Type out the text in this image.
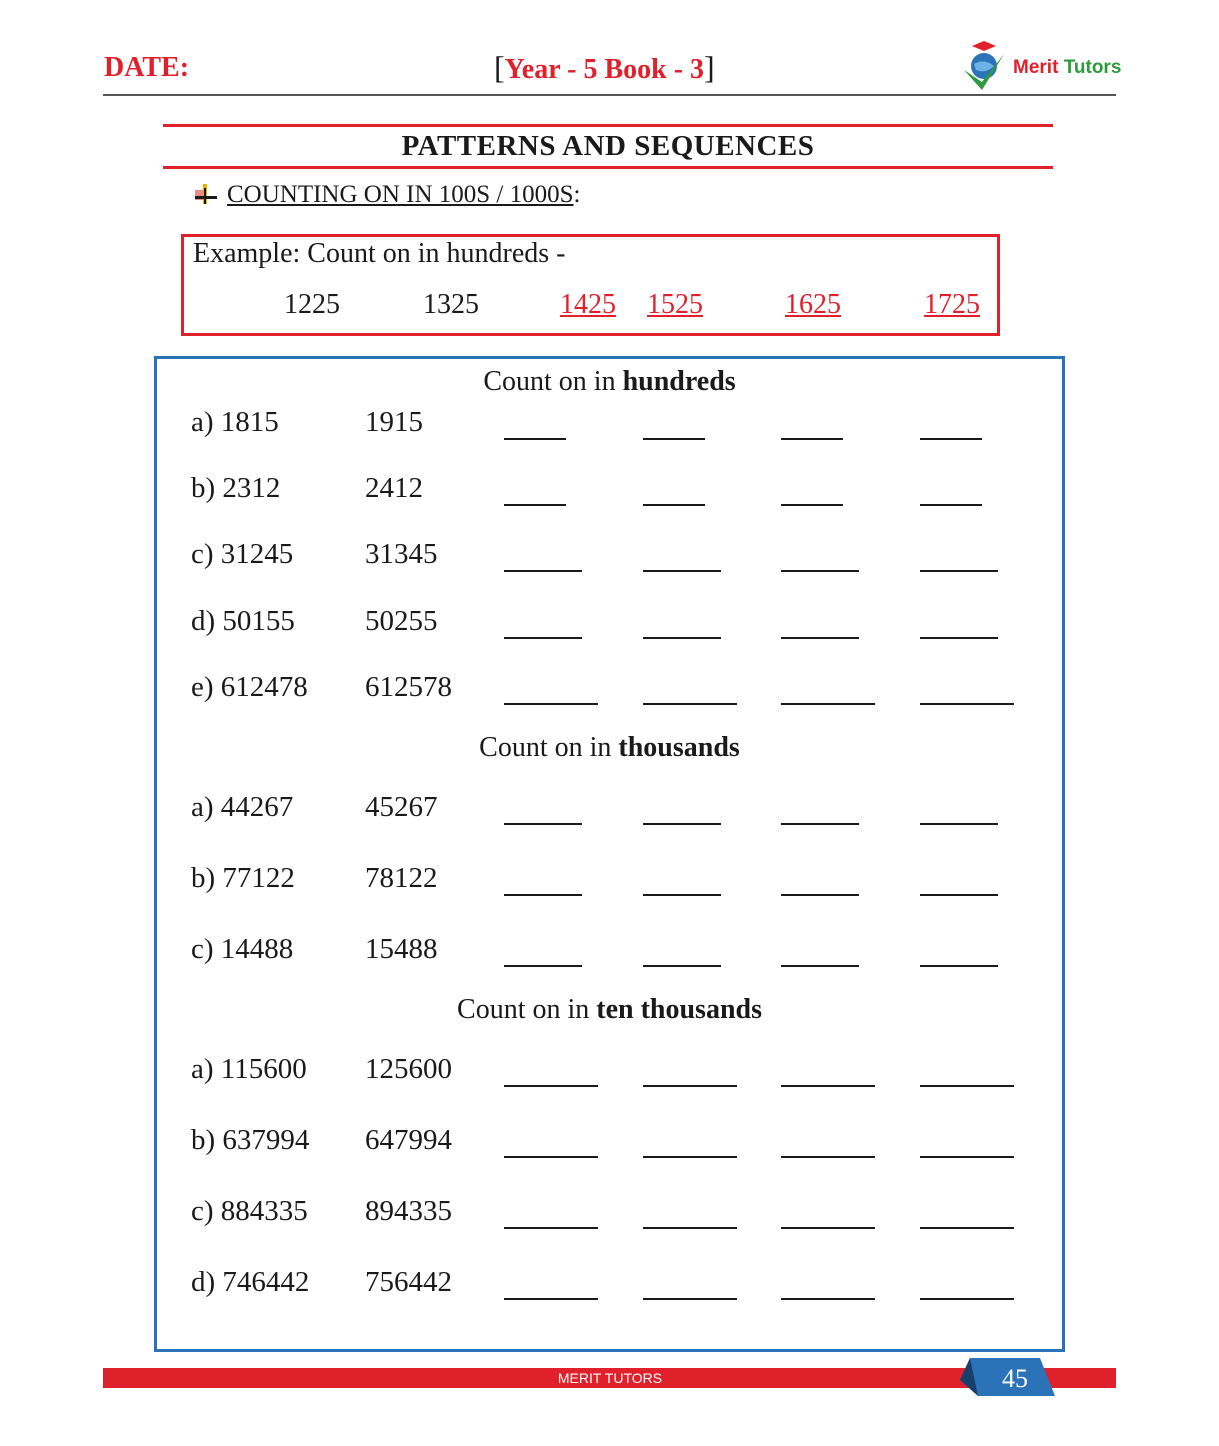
DATE:	[Year - 5 Book - 3]	Merit Tutors
PATTERNS AND SEQUENCES
COUNTING ON IN 100S / 1000S:
Example: Count on in hundreds -
1225	1325	1425 1525	1625	1725
Count on in hundreds
Count on in thousands
Count on in ten thousands
a) 1815	1915
b) 2312	2412
c) 31245 31345
d) 50155 50255
e) 612478 612578
a) 44267 45267
b) 77122 78122
c) 14488 15488
a) 115600 125600
b) 637994 647994
c) 884335 894335
d) 746442 756442
MERIT TUTORS	45
